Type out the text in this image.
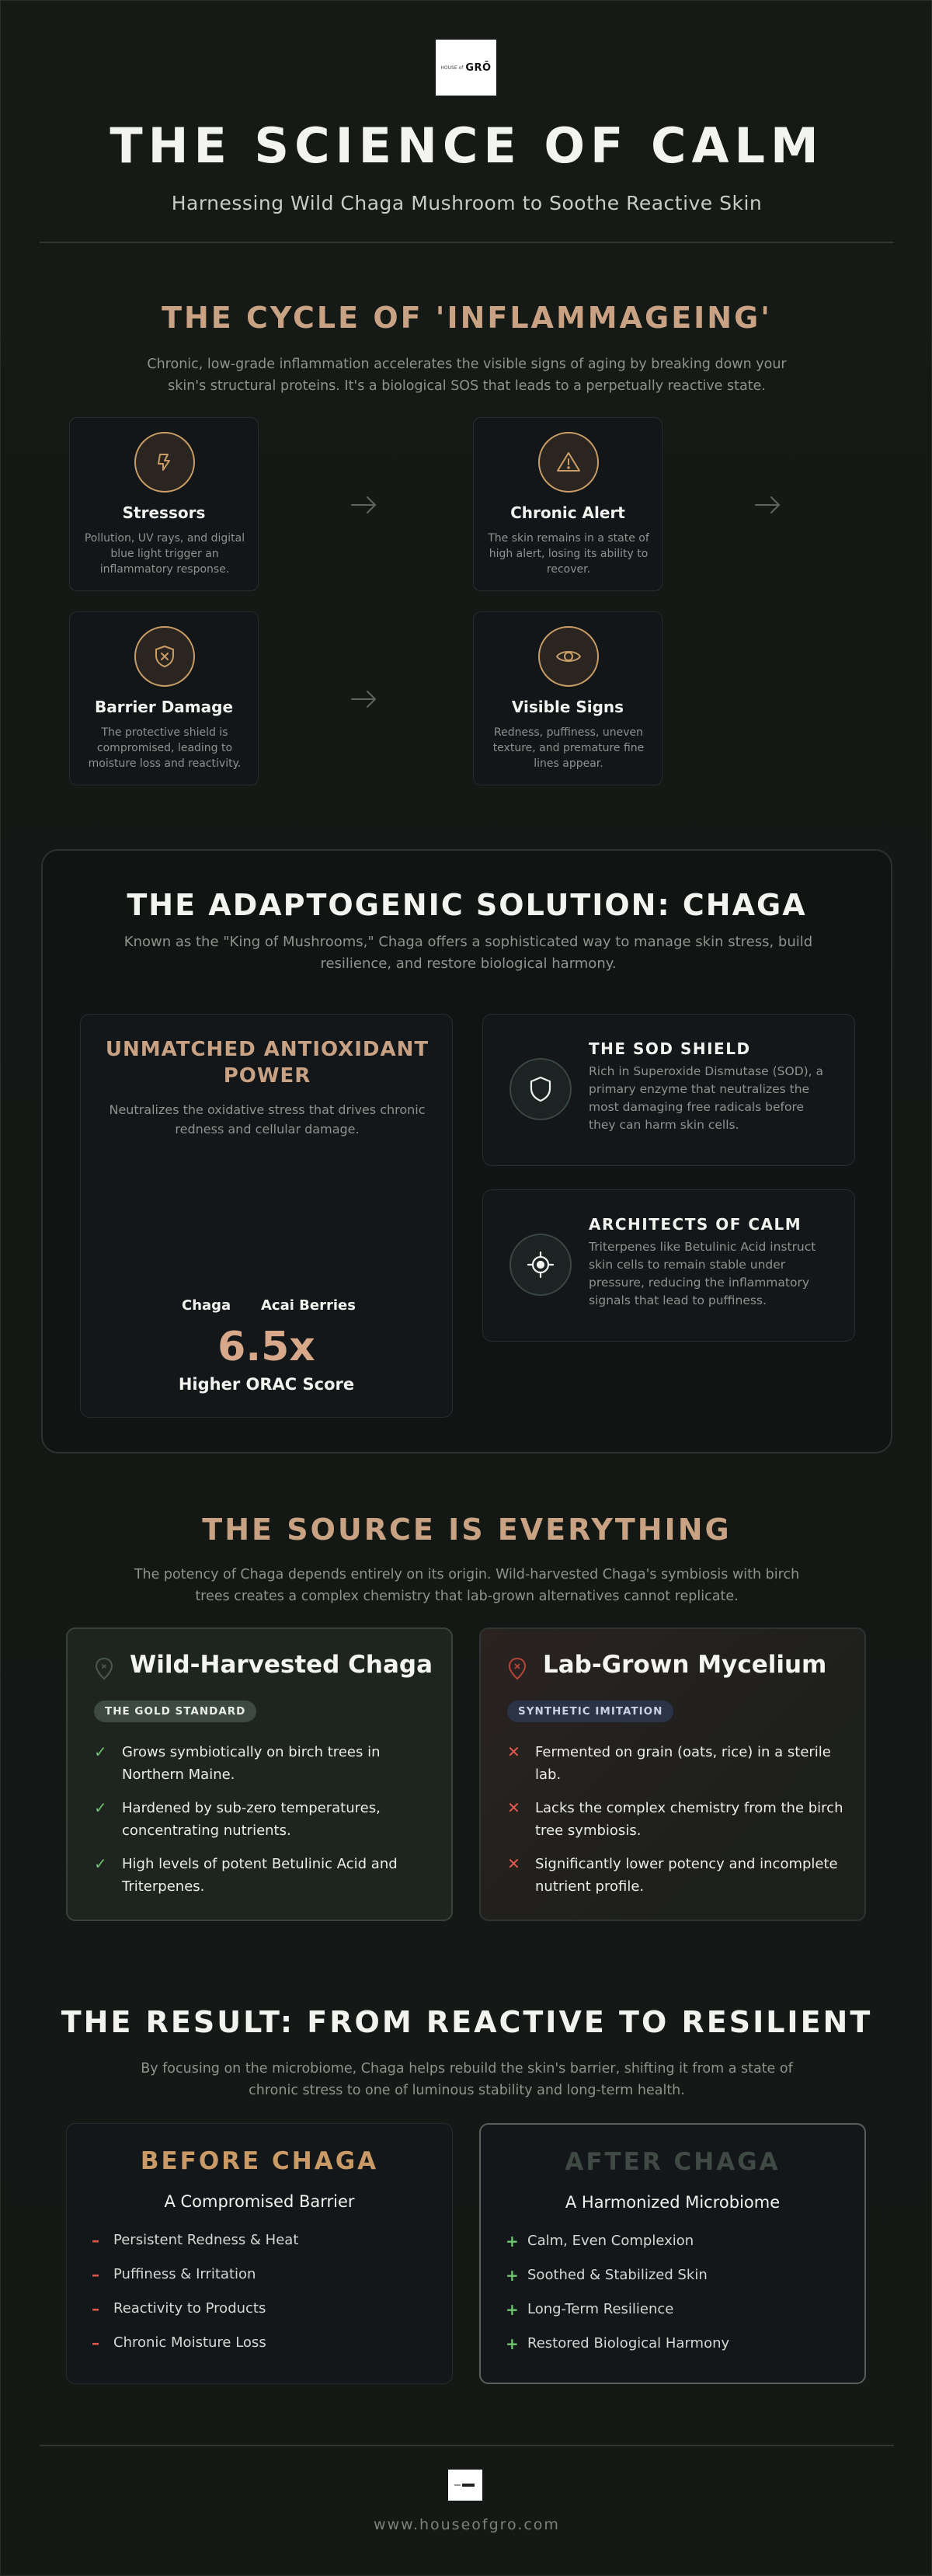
HOUSE of GRŌ
THE SCIENCE OF CALM
Harnessing Wild Chaga Mushroom to Soothe Reactive Skin
THE CYCLE OF 'INFLAMMAGEING'
Chronic, low-grade inflammation accelerates the visible signs of aging by breaking down your skin's structural proteins. It's a biological SOS that leads to a perpetually reactive state.
Stressors
Pollution, UV rays, and digital blue light trigger an inflammatory response.
Chronic Alert
The skin remains in a state of high alert, losing its ability to recover.
Barrier Damage
The protective shield is compromised, leading to moisture loss and reactivity.
Visible Signs
Redness, puffiness, uneven texture, and premature fine lines appear.
THE ADAPTOGENIC SOLUTION: CHAGA
Known as the "King of Mushrooms," Chaga offers a sophisticated way to manage skin stress, build resilience, and restore biological harmony.
UNMATCHED ANTIOXIDANT POWER
Neutralizes the oxidative stress that drives chronic redness and cellular damage.
Chaga Acai Berries
6.5x
Higher ORAC Score
THE SOD SHIELD
Rich in Superoxide Dismutase (SOD), a primary enzyme that neutralizes the most damaging free radicals before they can harm skin cells.
ARCHITECTS OF CALM
Triterpenes like Betulinic Acid instruct skin cells to remain stable under pressure, reducing the inflammatory signals that lead to puffiness.
THE SOURCE IS EVERYTHING
The potency of Chaga depends entirely on its origin. Wild-harvested Chaga's symbiosis with birch trees creates a complex chemistry that lab-grown alternatives cannot replicate.
Wild-Harvested Chaga
THE GOLD STANDARD
✓ Grows symbiotically on birch trees in Northern Maine.
✓ Hardened by sub-zero temperatures, concentrating nutrients.
✓ High levels of potent Betulinic Acid and Triterpenes.
Lab-Grown Mycelium
SYNTHETIC IMITATION
✕ Fermented on grain (oats, rice) in a sterile lab.
✕ Lacks the complex chemistry from the birch tree symbiosis.
✕ Significantly lower potency and incomplete nutrient profile.
THE RESULT: FROM REACTIVE TO RESILIENT
By focusing on the microbiome, Chaga helps rebuild the skin's barrier, shifting it from a state of chronic stress to one of luminous stability and long-term health.
BEFORE CHAGA
A Compromised Barrier
– Persistent Redness & Heat
– Puffiness & Irritation
– Reactivity to Products
– Chronic Moisture Loss
AFTER CHAGA
A Harmonized Microbiome
+ Calm, Even Complexion
+ Soothed & Stabilized Skin
+ Long-Term Resilience
+ Restored Biological Harmony
www.houseofgro.com
